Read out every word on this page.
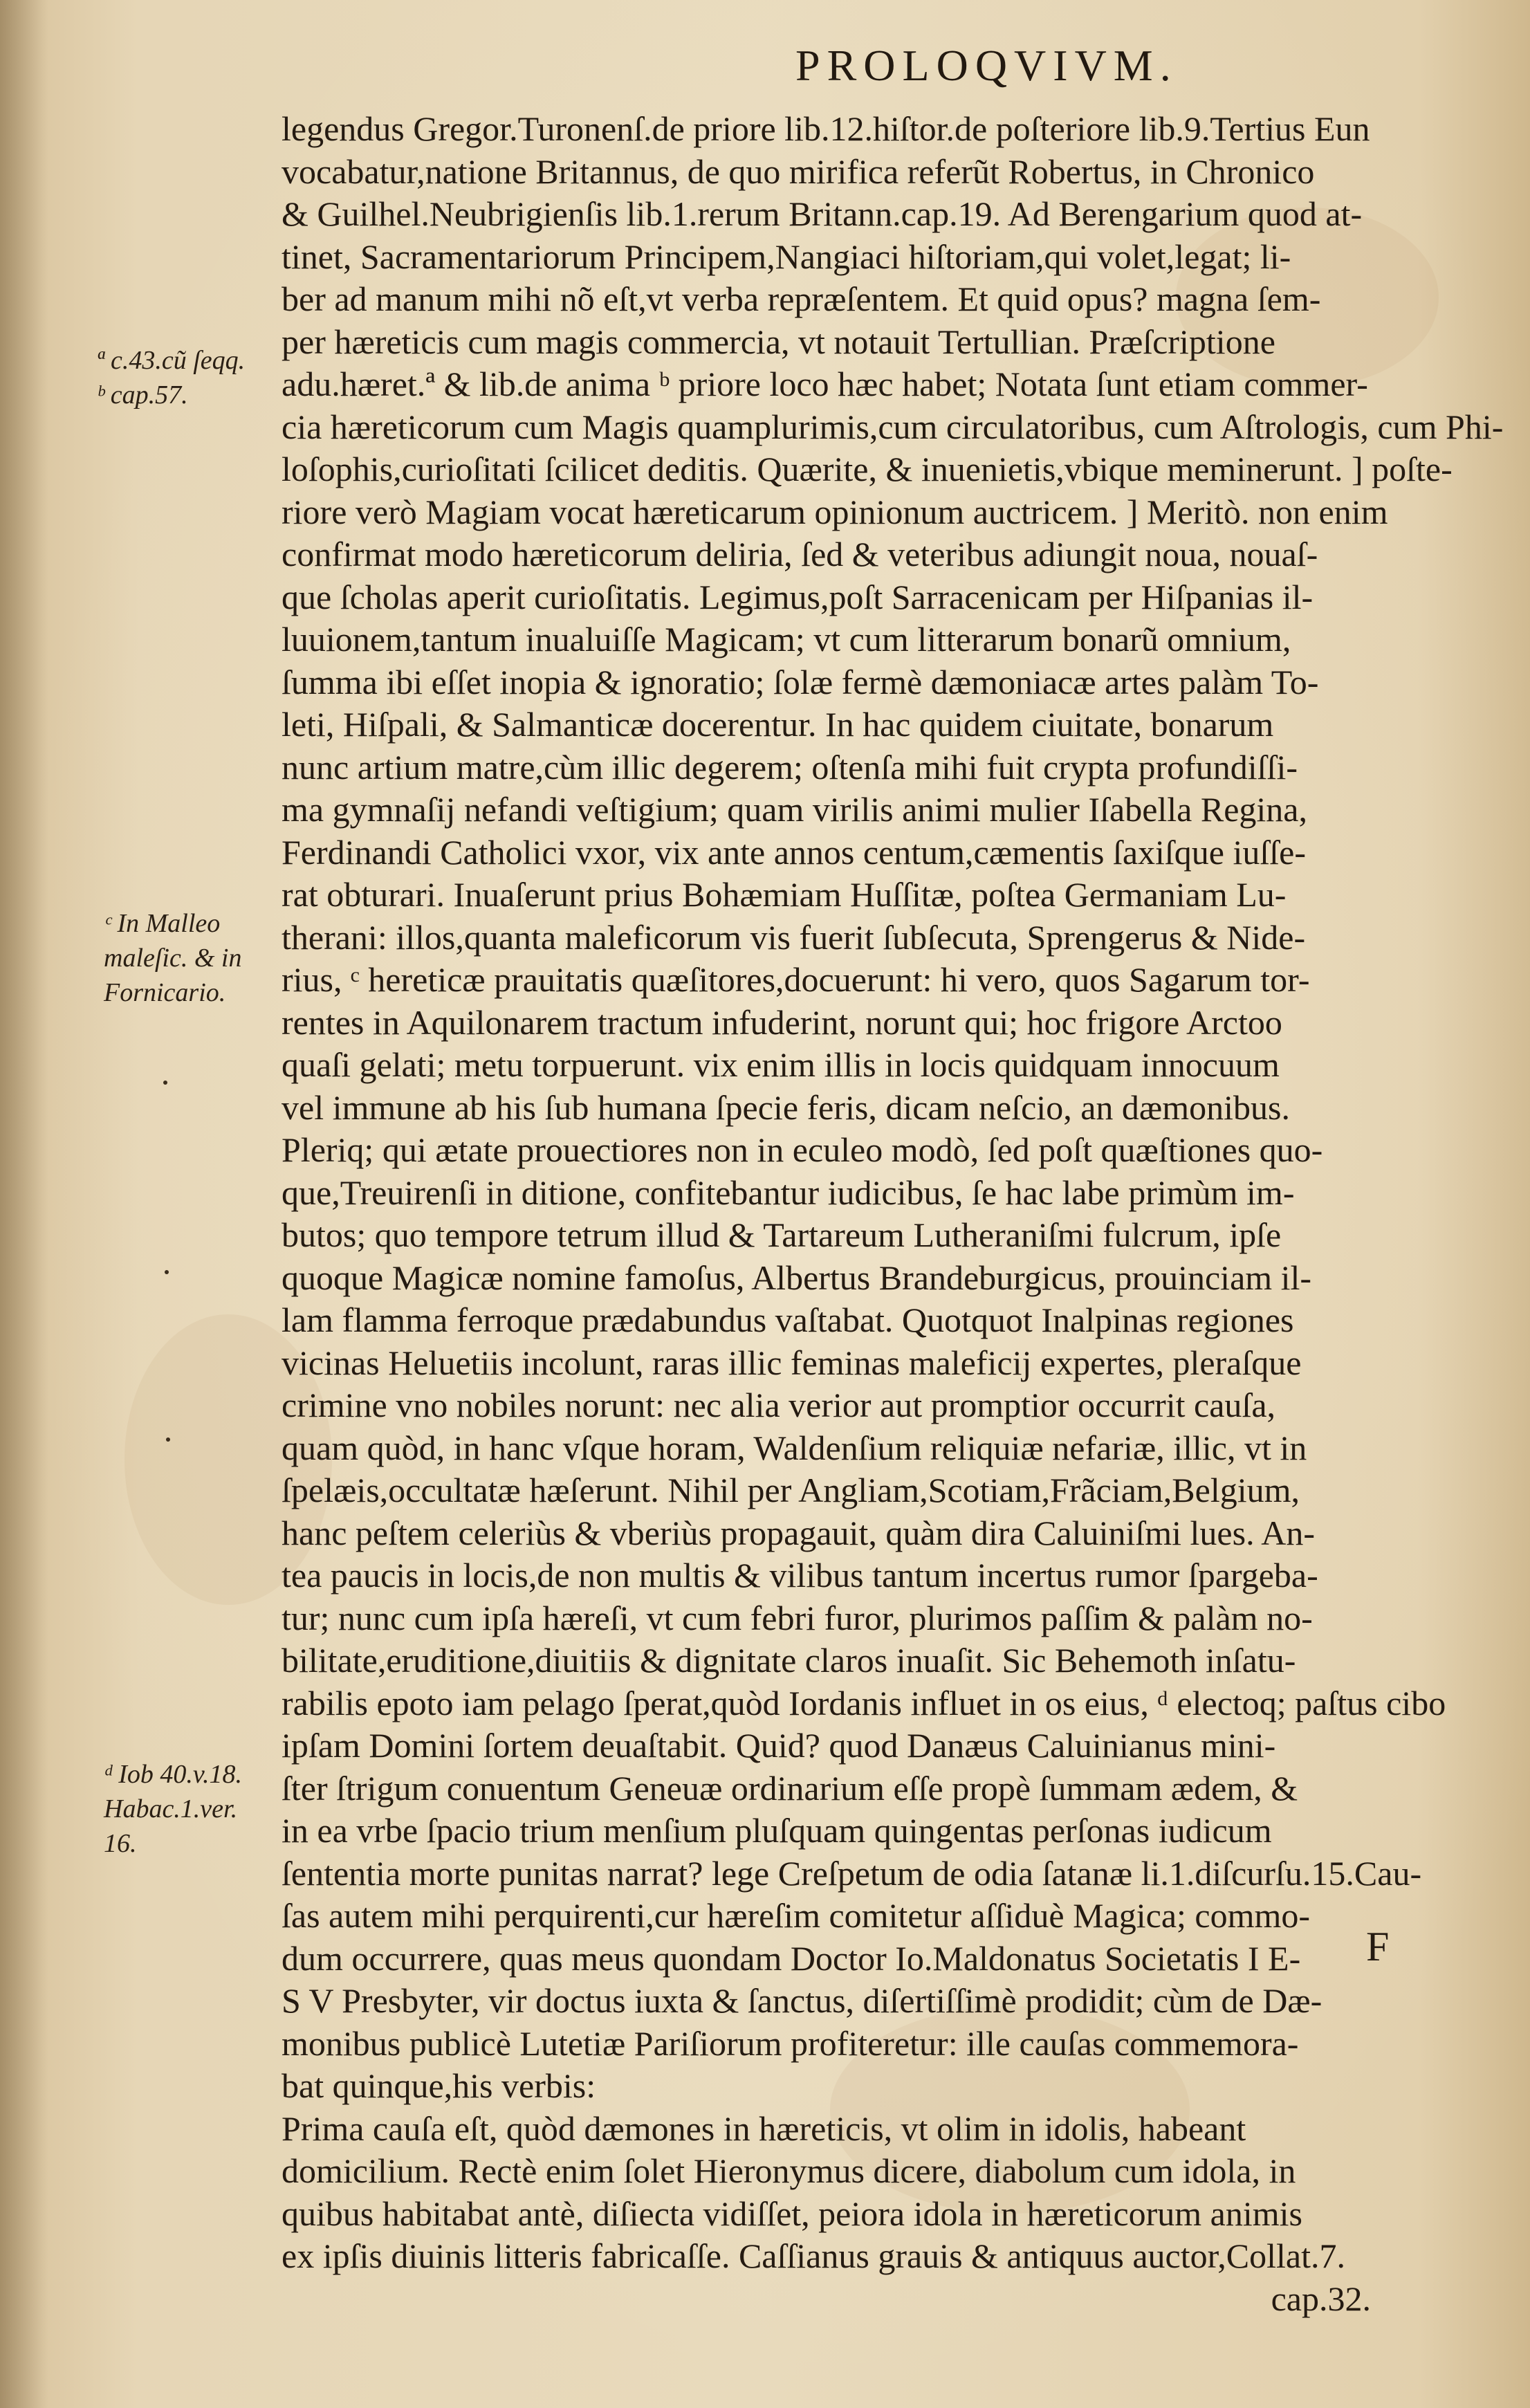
PROLOQVIVM.
ª c.43.cũ ſeqq.
ᵇ cap.57.
ᶜ In Malleo
maleſic. & in
Fornicario.
ᵈ Iob 40.v.18.
Habac.1.ver.
16.
F
legendus Gregor.Turonenſ.de priore lib.12.hiſtor.de poſteriore lib.9.Tertius Eun
vocabatur,natione Britannus, de quo mirifica referũt Robertus, in Chronico
& Guilhel.Neubrigienſis lib.1.rerum Britann.cap.19. Ad Berengarium quod at-
tinet, Sacramentariorum Principem,Nangiaci hiſtoriam,qui volet,legat; li-
ber ad manum mihi nõ eſt,vt verba repræſentem. Et quid opus? magna ſem-
per hæreticis cum magis commercia, vt notauit Tertullian. Præſcriptione
adu.hæret.ª & lib.de anima ᵇ priore loco hæc habet; Notata ſunt etiam commer-
cia hæreticorum cum Magis quamplurimis,cum circulatoribus, cum Aſtrologis, cum Phi-
loſophis,curioſitati ſcilicet deditis. Quærite, & inuenietis,vbique meminerunt. ] poſte-
riore verò Magiam vocat hæreticarum opinionum auctricem. ] Meritò. non enim
confirmat modo hæreticorum deliria, ſed & veteribus adiungit noua, nouaſ-
que ſcholas aperit curioſitatis. Legimus,poſt Sarracenicam per Hiſpanias il-
luuionem,tantum inualuiſſe Magicam; vt cum litterarum bonarũ omnium,
ſumma ibi eſſet inopia & ignoratio; ſolæ fermè dæmoniacæ artes palàm To-
leti, Hiſpali, & Salmanticæ docerentur. In hac quidem ciuitate, bonarum
nunc artium matre,cùm illic degerem; oſtenſa mihi fuit crypta profundiſſi-
ma gymnaſij nefandi veſtigium; quam virilis animi mulier Iſabella Regina,
Ferdinandi Catholici vxor, vix ante annos centum,cæmentis ſaxiſque iuſſe-
rat obturari. Inuaſerunt prius Bohæmiam Huſſitæ, poſtea Germaniam Lu-
therani: illos,quanta maleficorum vis fuerit ſubſecuta, Sprengerus & Nide-
rius, ᶜ hereticæ prauitatis quæſitores,docuerunt: hi vero, quos Sagarum tor-
rentes in Aquilonarem tractum infuderint, norunt qui; hoc frigore Arctoo
quaſi gelati; metu torpuerunt. vix enim illis in locis quidquam innocuum
vel immune ab his ſub humana ſpecie feris, dicam neſcio, an dæmonibus.
Pleriq; qui ætate prouectiores non in eculeo modò, ſed poſt quæſtiones quo-
que,Treuirenſi in ditione, confitebantur iudicibus, ſe hac labe primùm im-
butos; quo tempore tetrum illud & Tartareum Lutheraniſmi fulcrum, ipſe
quoque Magicæ nomine famoſus, Albertus Brandeburgicus, prouinciam il-
lam flamma ferroque prædabundus vaſtabat. Quotquot Inalpinas regiones
vicinas Heluetiis incolunt, raras illic feminas maleficij expertes, pleraſque
crimine vno nobiles norunt: nec alia verior aut promptior occurrit cauſa,
quam quòd, in hanc vſque horam, Waldenſium reliquiæ nefariæ, illic, vt in
ſpelæis,occultatæ hæſerunt. Nihil per Angliam,Scotiam,Frãciam,Belgium,
hanc peſtem celeriùs & vberiùs propagauit, quàm dira Caluiniſmi lues. An-
tea paucis in locis,de non multis & vilibus tantum incertus rumor ſpargeba-
tur; nunc cum ipſa hæreſi, vt cum febri furor, plurimos paſſim & palàm no-
bilitate,eruditione,diuitiis & dignitate claros inuaſit. Sic Behemoth inſatu-
rabilis epoto iam pelago ſperat,quòd Iordanis influet in os eius, ᵈ electoq; paſtus cibo
ipſam Domini ſortem deuaſtabit. Quid? quod Danæus Caluinianus mini-
ſter ſtrigum conuentum Geneuæ ordinarium eſſe propè ſummam ædem, &
in ea vrbe ſpacio trium menſium pluſquam quingentas perſonas iudicum
ſententia morte punitas narrat? lege Creſpetum de odia ſatanæ li.1.diſcurſu.15.Cau-
ſas autem mihi perquirenti,cur hæreſim comitetur aſſiduè Magica; commo-
dum occurrere, quas meus quondam Doctor Io.Maldonatus Societatis I E-
S V Presbyter, vir doctus iuxta & ſanctus, diſertiſſimè prodidit; cùm de Dæ-
monibus publicè Lutetiæ Pariſiorum profiteretur: ille cauſas commemora-
bat quinque,his verbis:
Prima cauſa eſt, quòd dæmones in hæreticis, vt olim in idolis, habeant
domicilium. Rectè enim ſolet Hieronymus dicere, diabolum cum idola, in
quibus habitabat antè, diſiecta vidiſſet, peiora idola in hæreticorum animis
ex ipſis diuinis litteris fabricaſſe. Caſſianus grauis & antiquus auctor,Collat.7.
cap.32.
